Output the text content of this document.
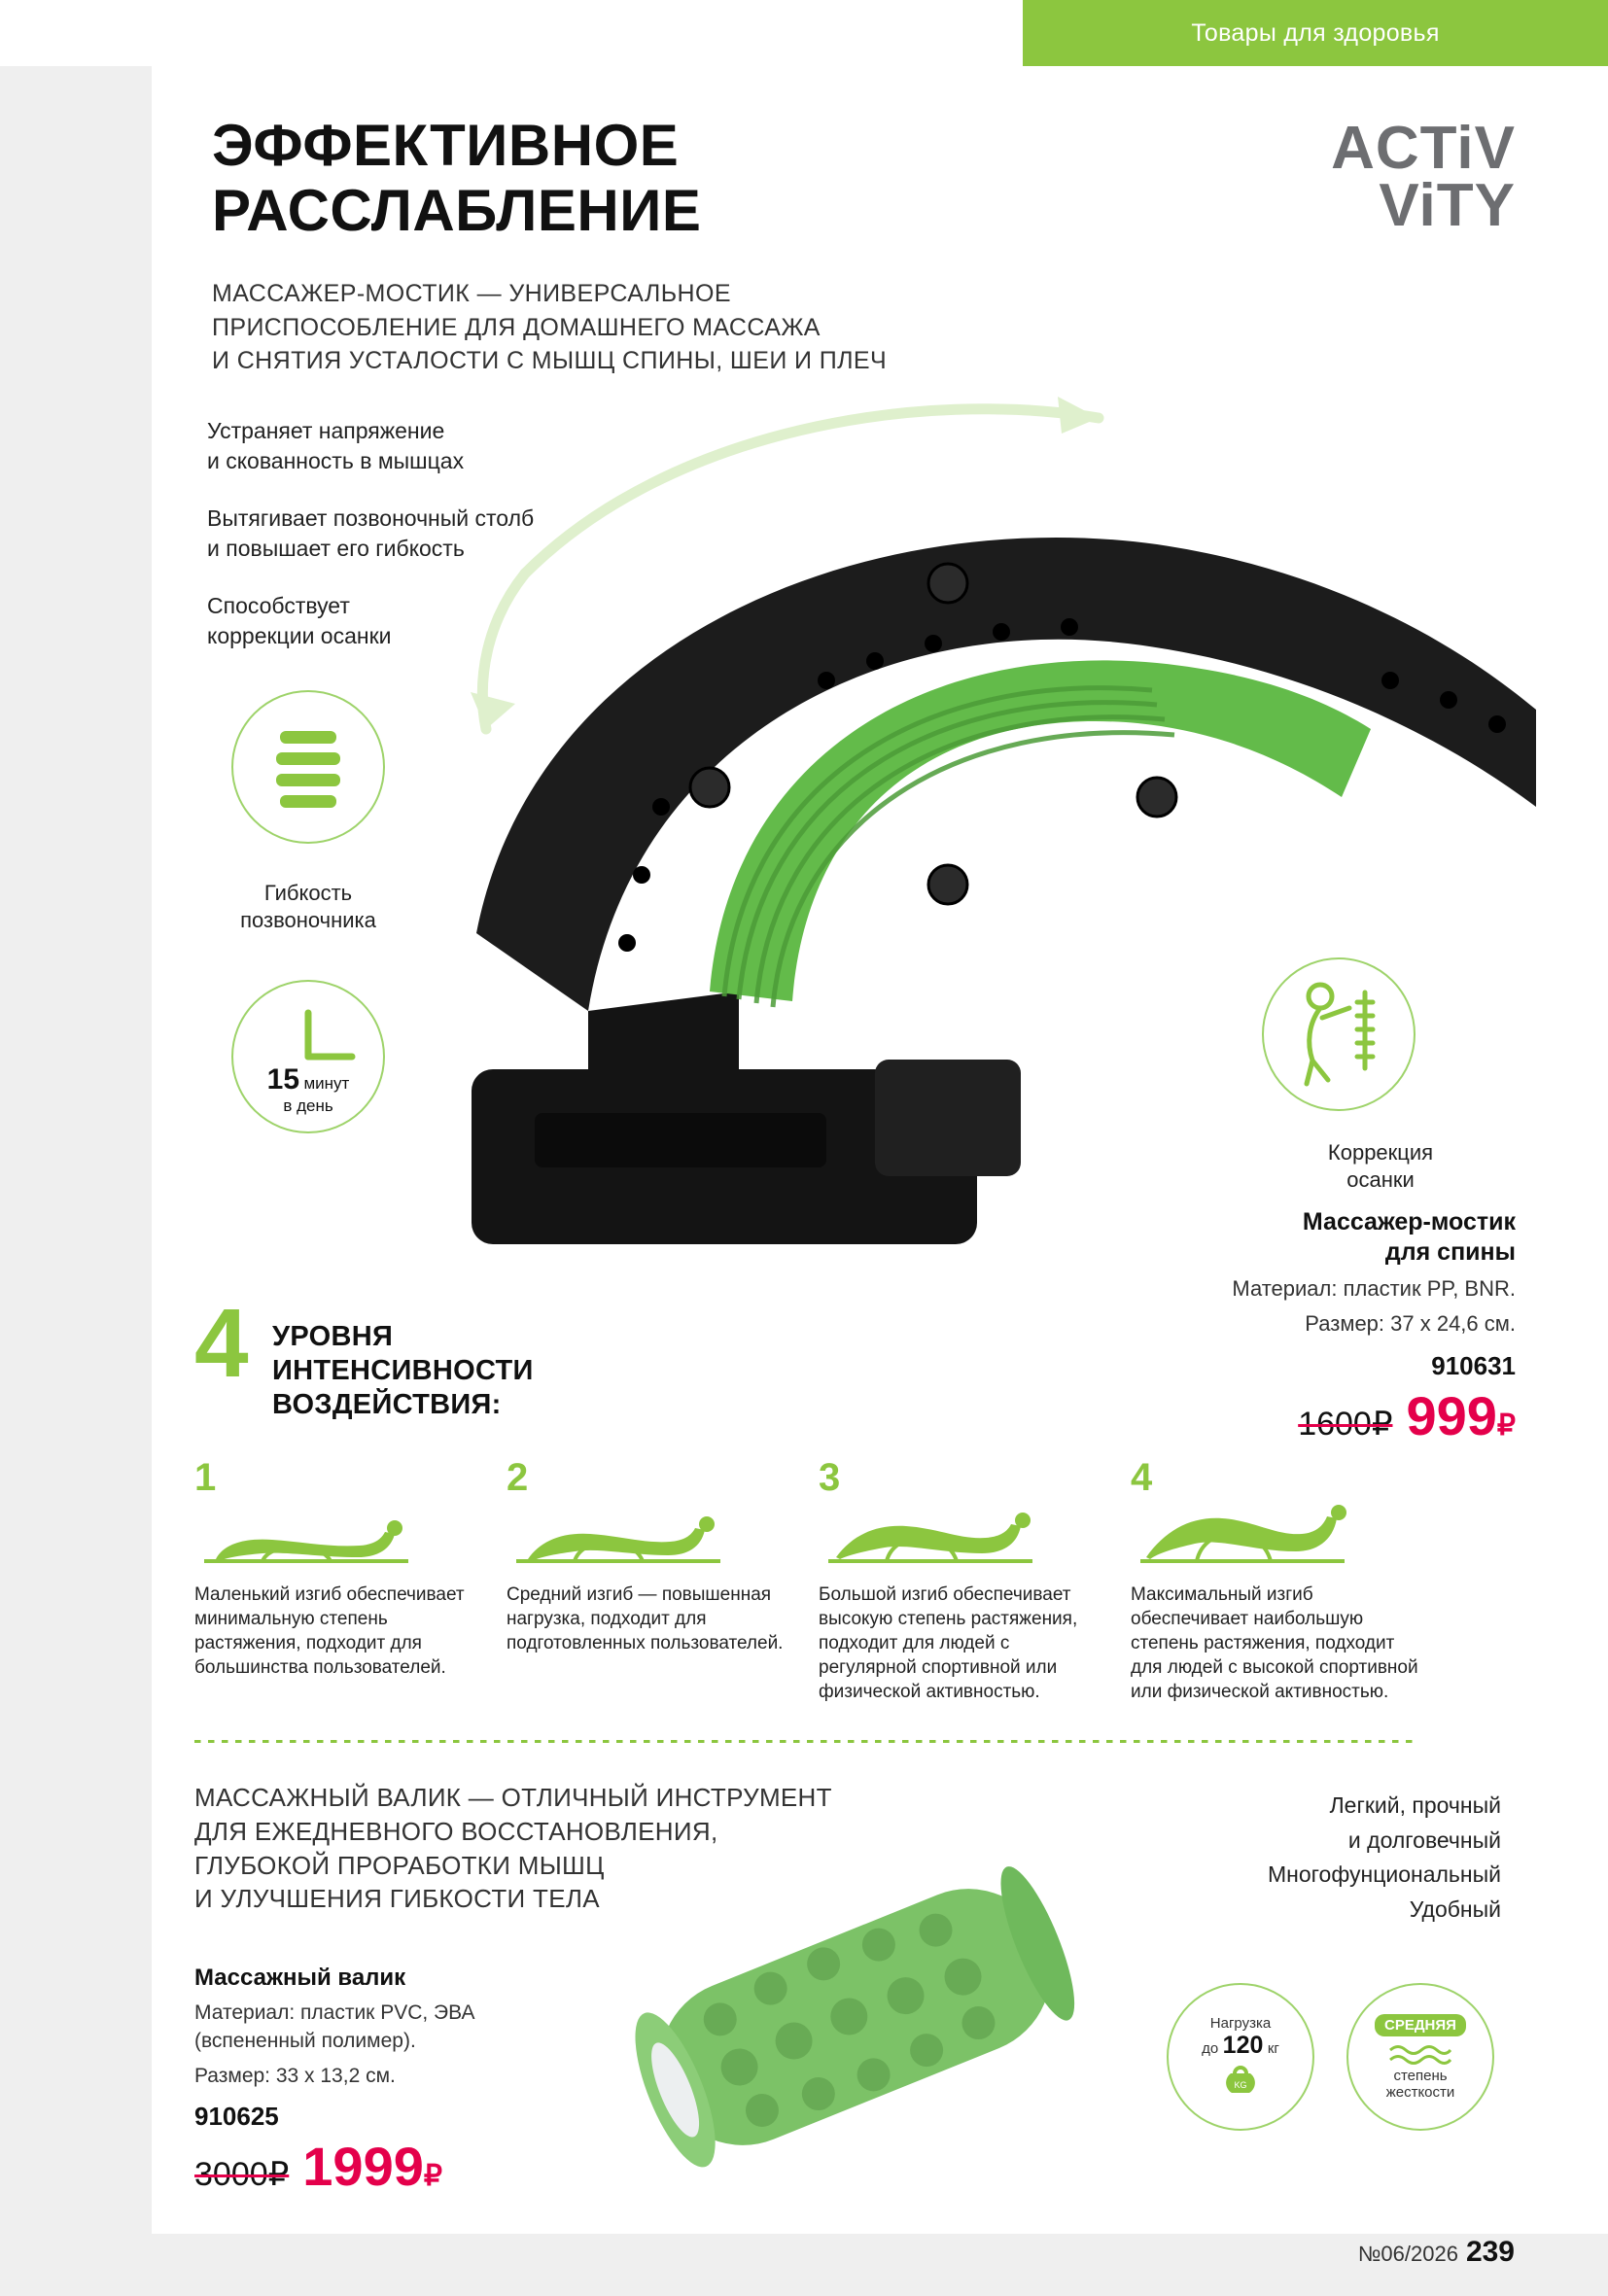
Товары для здоровья
ЭФФЕКТИВНОЕ
РАССЛАБЛЕНИЕ
МАССАЖЕР-МОСТИК — УНИВЕРСАЛЬНОЕ
ПРИСПОСОБЛЕНИЕ ДЛЯ ДОМАШНЕГО МАССАЖА
И СНЯТИЯ УСТАЛОСТИ С МЫШЦ СПИНЫ, ШЕИ И ПЛЕЧ
ACTiV
ViTY
Устраняет напряжение
и скованность в мышцах
Вытягивает позвоночный столб
и повышает его гибкость
Способствует
коррекции осанки
Гибкость
позвоночника
15 минут
в день
Коррекция
осанки
Массажер-мостик
для спины
Материал: пластик PP, BNR.
Размер: 37 x 24,6 см.
910631
1600₽ 999₽
4 УРОВНЯ
ИНТЕНСИВНОСТИ
ВОЗДЕЙСТВИЯ:
1
Маленький изгиб обеспечивает минимальную степень растяжения, подходит для большинства пользователей.
2
Средний изгиб — повышенная нагрузка, подходит для подготовленных пользователей.
3
Большой изгиб обеспечивает высокую степень растяжения, подходит для людей с регулярной спортивной или физической активностью.
4
Максимальный изгиб обеспечивает наибольшую степень растяжения, подходит для людей с высокой спортивной или физической активностью.
МАССАЖНЫЙ ВАЛИК — ОТЛИЧНЫЙ ИНСТРУМЕНТ
ДЛЯ ЕЖЕДНЕВНОГО ВОССТАНОВЛЕНИЯ,
ГЛУБОКОЙ ПРОРАБОТКИ МЫШЦ
И УЛУЧШЕНИЯ ГИБКОСТИ ТЕЛА
Легкий, прочный
и долговечный
Многофунциональный
Удобный
Массажный валик
Материал: пластик PVC, ЭВА
(вспененный полимер).
Размер: 33 x 13,2 см.
910625
3000₽ 1999₽
Нагрузка
до 120 кг
KG
СРЕДНЯЯ
степень
жесткости
№06/2026 239
